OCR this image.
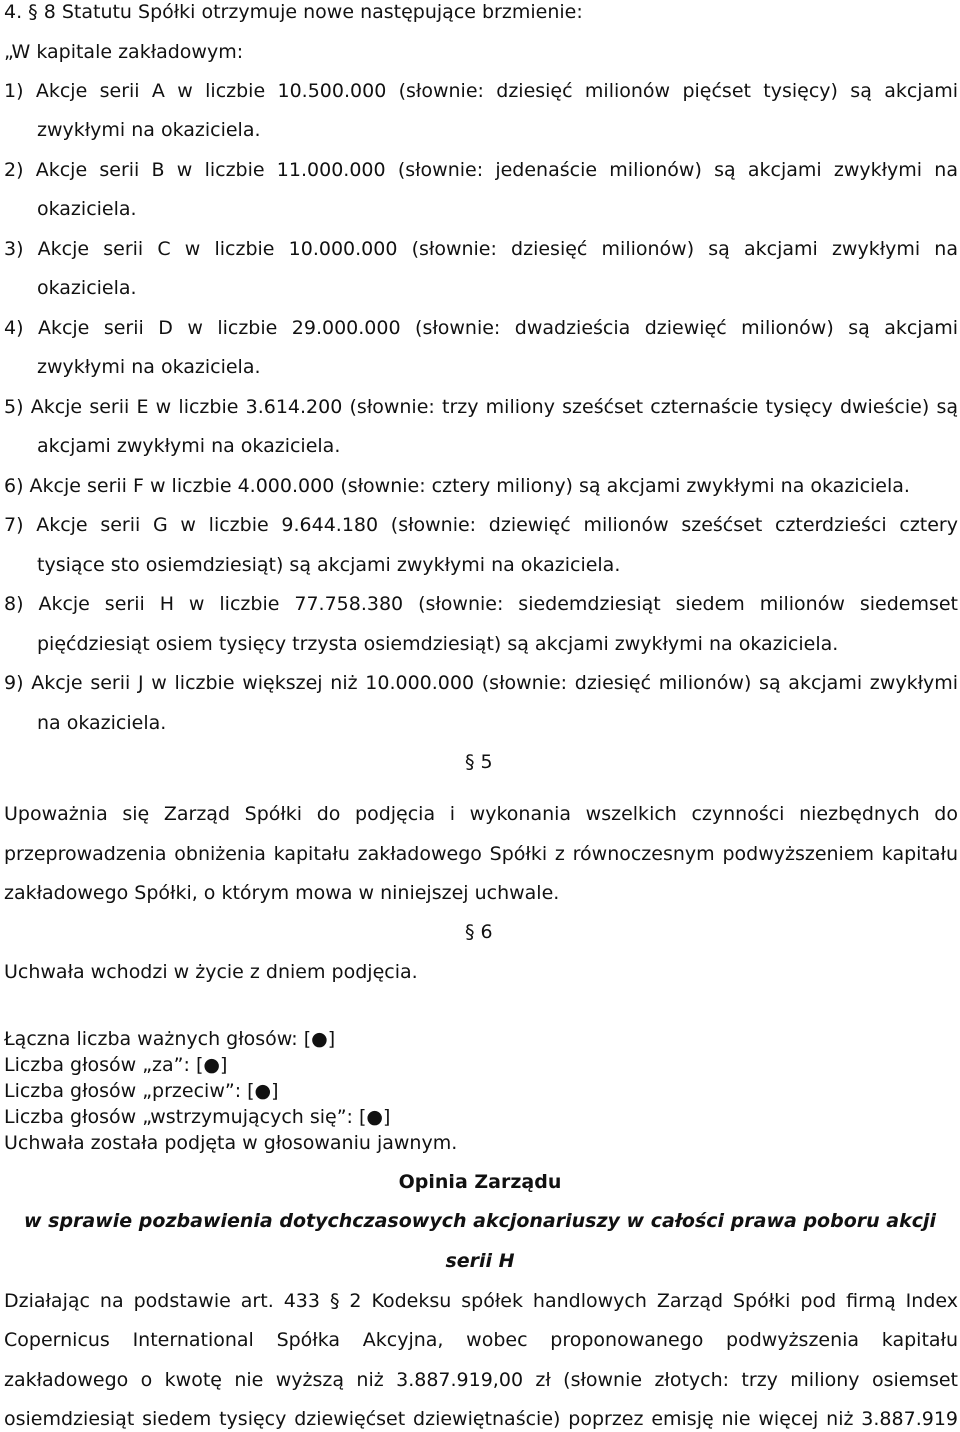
4. § 8 Statutu Spółki otrzymuje nowe następujące brzmienie:
„W kapitale zakładowym:
1) Akcje serii A w liczbie 10.500.000 (słownie: dziesięć milionów pięćset tysięcy) są akcjami
zwykłymi na okaziciela.
2) Akcje serii B w liczbie 11.000.000 (słownie: jedenaście milionów) są akcjami zwykłymi na
okaziciela.
3) Akcje serii C w liczbie 10.000.000 (słownie: dziesięć milionów) są akcjami zwykłymi na
okaziciela.
4) Akcje serii D w liczbie 29.000.000 (słownie: dwadzieścia dziewięć milionów) są akcjami
zwykłymi na okaziciela.
5) Akcje serii E w liczbie 3.614.200 (słownie: trzy miliony sześćset czternaście tysięcy dwieście) są
akcjami zwykłymi na okaziciela.
6) Akcje serii F w liczbie 4.000.000 (słownie: cztery miliony) są akcjami zwykłymi na okaziciela.
7) Akcje serii G w liczbie 9.644.180 (słownie: dziewięć milionów sześćset czterdzieści cztery
tysiące sto osiemdziesiąt) są akcjami zwykłymi na okaziciela.
8) Akcje serii H w liczbie 77.758.380 (słownie: siedemdziesiąt siedem milionów siedemset
pięćdziesiąt osiem tysięcy trzysta osiemdziesiąt) są akcjami zwykłymi na okaziciela.
9) Akcje serii J w liczbie większej niż 10.000.000 (słownie: dziesięć milionów) są akcjami zwykłymi
na okaziciela.
§ 5
Upoważnia się Zarząd Spółki do podjęcia i wykonania wszelkich czynności niezbędnych do
przeprowadzenia obniżenia kapitału zakładowego Spółki z równoczesnym podwyższeniem kapitału
zakładowego Spółki, o którym mowa w niniejszej uchwale.
§ 6
Uchwała wchodzi w życie z dniem podjęcia.
Łączna liczba ważnych głosów: [●]
Liczba głosów „za”: [●]
Liczba głosów „przeciw”: [●]
Liczba głosów „wstrzymujących się”: [●]
Uchwała została podjęta w głosowaniu jawnym.
Opinia Zarządu
w sprawie pozbawienia dotychczasowych akcjonariuszy w całości prawa poboru akcji
serii H
Działając na podstawie art. 433 § 2 Kodeksu spółek handlowych Zarząd Spółki pod firmą Index
Copernicus International Spółka Akcyjna, wobec proponowanego podwyższenia kapitału
zakładowego o kwotę nie wyższą niż 3.887.919,00 zł (słownie złotych: trzy miliony osiemset
osiemdziesiąt siedem tysięcy dziewięćset dziewiętnaście) poprzez emisję nie więcej niż 3.887.919
